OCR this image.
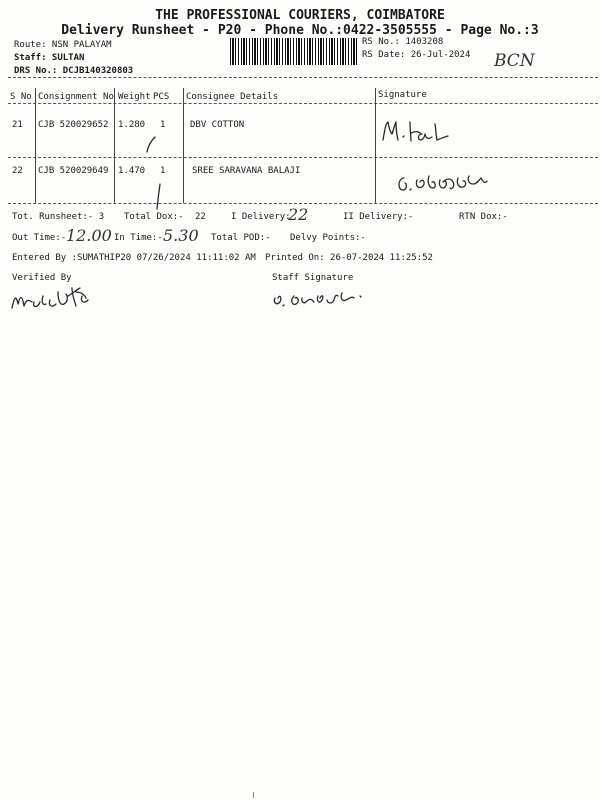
THE PROFESSIONAL COURIERS, COIMBATORE
Delivery Runsheet - P20 - Phone No.:0422-3505555 - Page No.:3
Route: NSN PALAYAM
Staff: SULTAN
DRS No.: DCJB140320803
RS No.: 1403208
RS Date: 26-Jul-2024 BCN
S No Consignment No Weight PCS Consignee Details	Signature
21 CJB 520029652 1.280 1	DBV COTTON
22 CJB 520029649 1.470 1	SREE SARAVANA BALAJI
Tot. Runsheet:- 3 Total Dox:- 22	I Delivery:
22	II Delivery:-	RTN Dox:-
Out Time:- 12.00 In Time:- 5.30 Total POD:- Delvy Points:-
Entered By :SUMATHIP20 07/26/2024 11:11:02 AM Printed On: 26-07-2024 11:25:52
Verified By	Staff Signature
